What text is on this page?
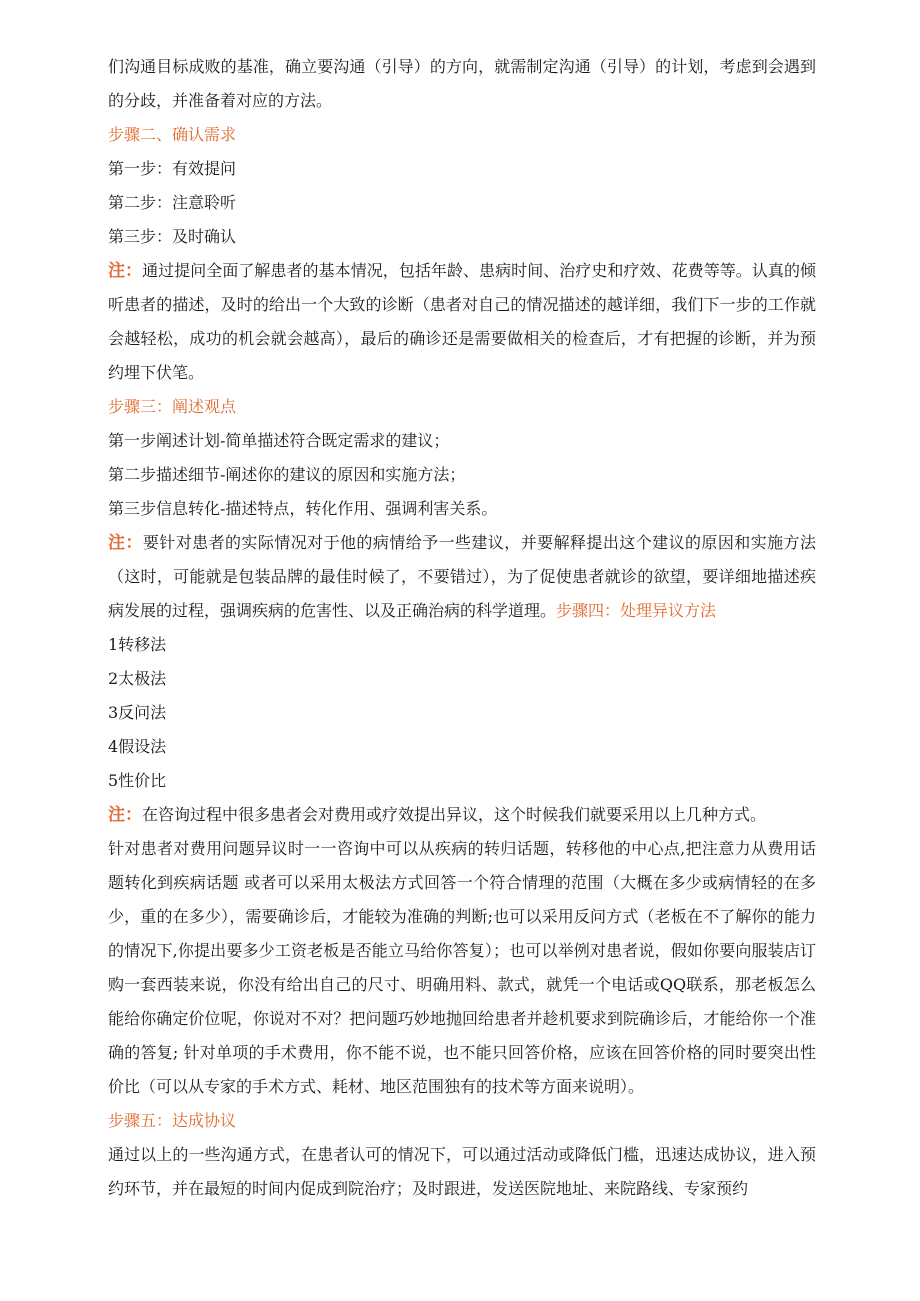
们沟通目标成败的基准，确立要沟通（引导）的方向，就需制定沟通（引导）的计划，考虑到会遇到的分歧，并准备着对应的方法。

步骤二、确认需求

第一步：有效提问

第二步：注意聆听

第三步：及时确认

注：通过提问全面了解患者的基本情况，包括年龄、患病时间、治疗史和疗效、花费等等。认真的倾听患者的描述，及时的给出一个大致的诊断（患者对自己的情况描述的越详细，我们下一步的工作就会越轻松，成功的机会就会越高），最后的确诊还是需要做相关的检查后，才有把握的诊断，并为预约埋下伏笔。

步骤三：阐述观点

第一步阐述计划-简单描述符合既定需求的建议；

第二步描述细节-阐述你的建议的原因和实施方法；

第三步信息转化-描述特点，转化作用、强调利害关系。

注：要针对患者的实际情况对于他的病情给予一些建议，并要解释提出这个建议的原因和实施方法（这时，可能就是包装品牌的最佳时候了，不要错过），为了促使患者就诊的欲望，要详细地描述疾病发展的过程，强调疾病的危害性、以及正确治病的科学道理。步骤四：处理异议方法

1转移法

2太极法

3反问法

4假设法

5性价比

注：在咨询过程中很多患者会对费用或疗效提出异议，这个时候我们就要采用以上几种方式。

针对患者对费用问题异议时一一咨询中可以从疾病的转归话题，转移他的中心点,把注意力从费用话题转化到疾病话题 或者可以采用太极法方式回答一个符合情理的范围（大概在多少或病情轻的在多少，重的在多少），需要确诊后，才能较为准确的判断;也可以采用反问方式（老板在不了解你的能力的情况下,你提出要多少工资老板是否能立马给你答复）；也可以举例对患者说，假如你要向服装店订购一套西装来说，你没有给出自己的尺寸、明确用料、款式，就凭一个电话或QQ联系，那老板怎么能给你确定价位呢，你说对不对？把问题巧妙地抛回给患者并趁机要求到院确诊后，才能给你一个准确的答复; 针对单项的手术费用，你不能不说，也不能只回答价格，应该在回答价格的同时要突出性价比（可以从专家的手术方式、耗材、地区范围独有的技术等方面来说明）。

步骤五：达成协议

通过以上的一些沟通方式，在患者认可的情况下，可以通过活动或降低门槛，迅速达成协议，进入预约环节，并在最短的时间内促成到院治疗；及时跟进，发送医院地址、来院路线、专家预约
